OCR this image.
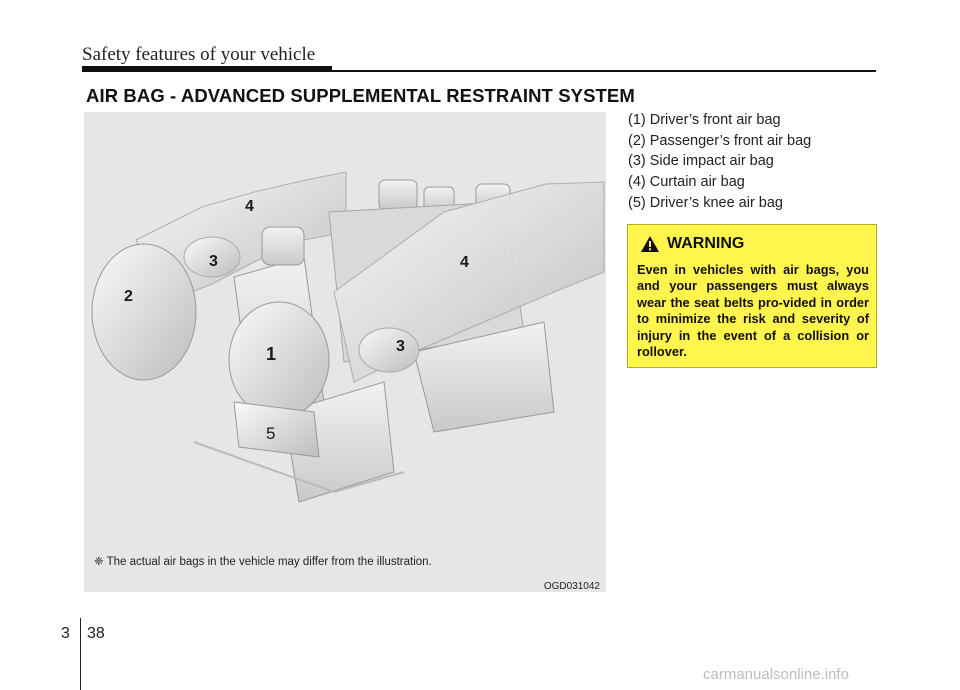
Safety features of your vehicle
AIR BAG - ADVANCED SUPPLEMENTAL RESTRAINT SYSTEM
2
3
4
4
1	3
5
❈ The actual air bags in the vehicle may differ from the illustration.
OGD031042
(1) Driver’s front air bag
(2) Passenger’s front air bag
(3) Side impact air bag
(4) Curtain air bag
(5) Driver’s knee air bag
WARNING
Even in vehicles with air bags, you and your passengers must always wear the seat belts pro-vided in order to minimize the risk and severity of injury in the event of a collision or rollover.
3 38
carmanualsonline.info
